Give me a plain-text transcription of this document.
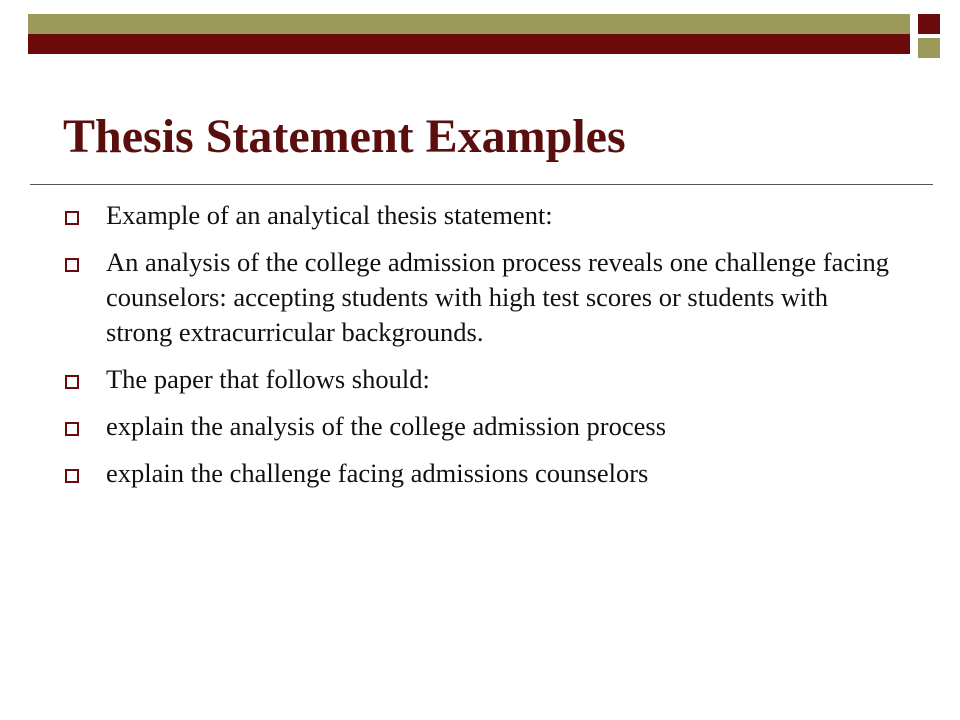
Thesis Statement Examples
Example of an analytical thesis statement:
An analysis of the college admission process reveals one challenge facing counselors: accepting students with high test scores or students with strong extracurricular backgrounds.
The paper that follows should:
explain the analysis of the college admission process
explain the challenge facing admissions counselors
